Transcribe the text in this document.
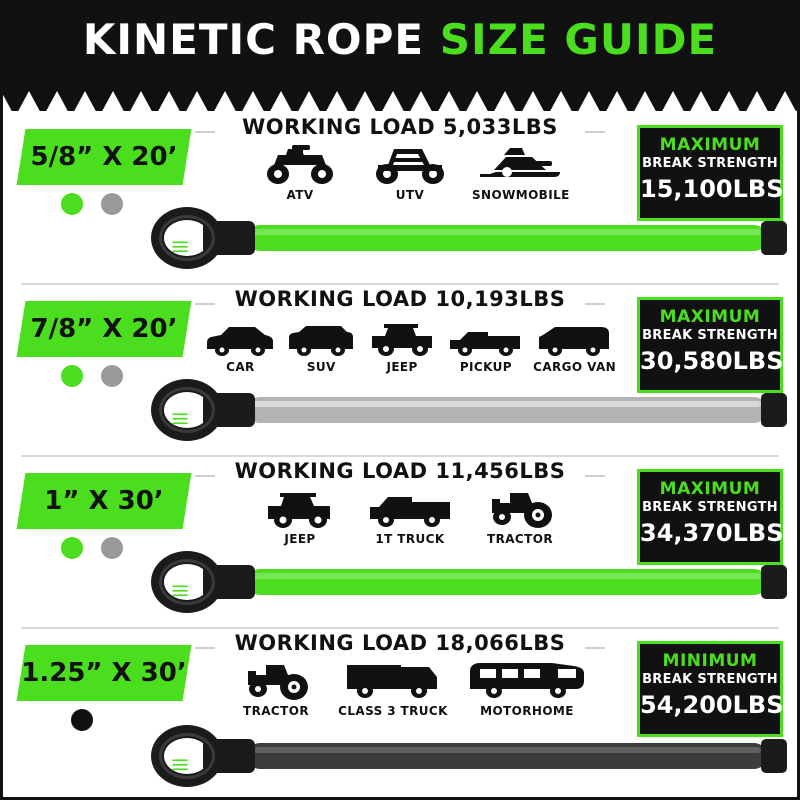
KINETIC ROPE SIZE GUIDE
WORKING LOAD 5,033LBS
5/8” X 20’
ATV	UTV	SNOWMOBILE
MAXIMUM
BREAK STRENGTH
15,100LBS
|||
WORKING LOAD 10,193LBS
7/8” X 20’
CAR	SUV	JEEP	PICKUP	CARGO VAN
MAXIMUM
BREAK STRENGTH
30,580LBS
|||
WORKING LOAD 11,456LBS
1” X 30’
JEEP	1T TRUCK	TRACTOR
MAXIMUM
BREAK STRENGTH
34,370LBS
|||
WORKING LOAD 18,066LBS
1.25” X 30’
TRACTOR	CLASS 3 TRUCK	MOTORHOME
MINIMUM
BREAK STRENGTH
54,200LBS
|||
